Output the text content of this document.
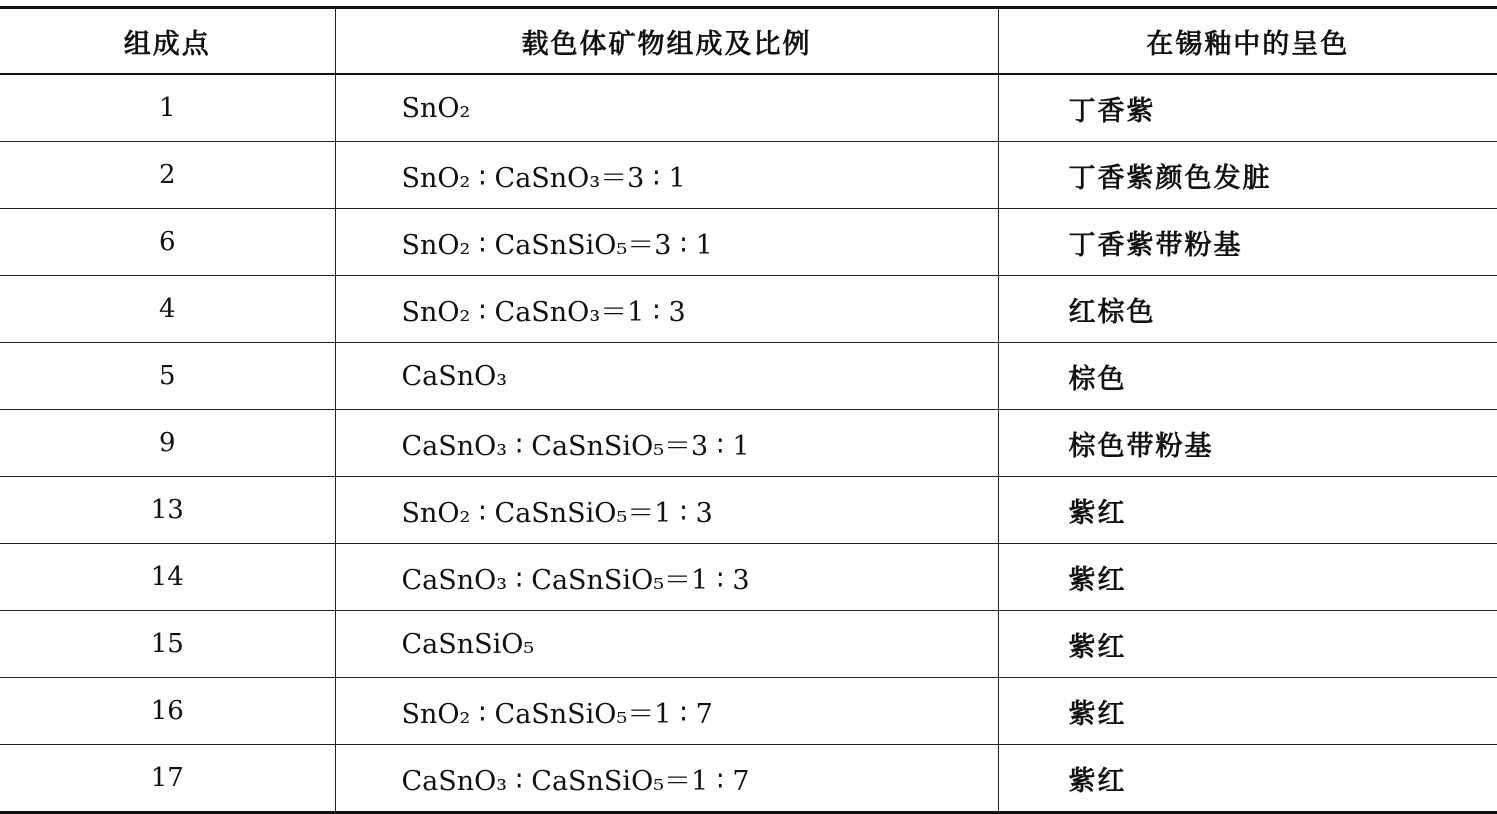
组成点	载色体矿物组成及比例	在锡釉中的呈色
1	SnO₂	丁香紫
2	SnO₂ ∶ CaSnO₃＝3 ∶ 1	丁香紫颜色发脏
6	SnO₂ ∶ CaSnSiO₅＝3 ∶ 1	丁香紫带粉基
4	SnO₂ ∶ CaSnO₃＝1 ∶ 3	红棕色
5	CaSnO₃	棕色
9	CaSnO₃ ∶ CaSnSiO₅＝3 ∶ 1	棕色带粉基
13	SnO₂ ∶ CaSnSiO₅＝1 ∶ 3	紫红
14	CaSnO₃ ∶ CaSnSiO₅＝1 ∶ 3	紫红
15	CaSnSiO₅	紫红
16	SnO₂ ∶ CaSnSiO₅＝1 ∶ 7	紫红
17	CaSnO₃ ∶ CaSnSiO₅＝1 ∶ 7	紫红
